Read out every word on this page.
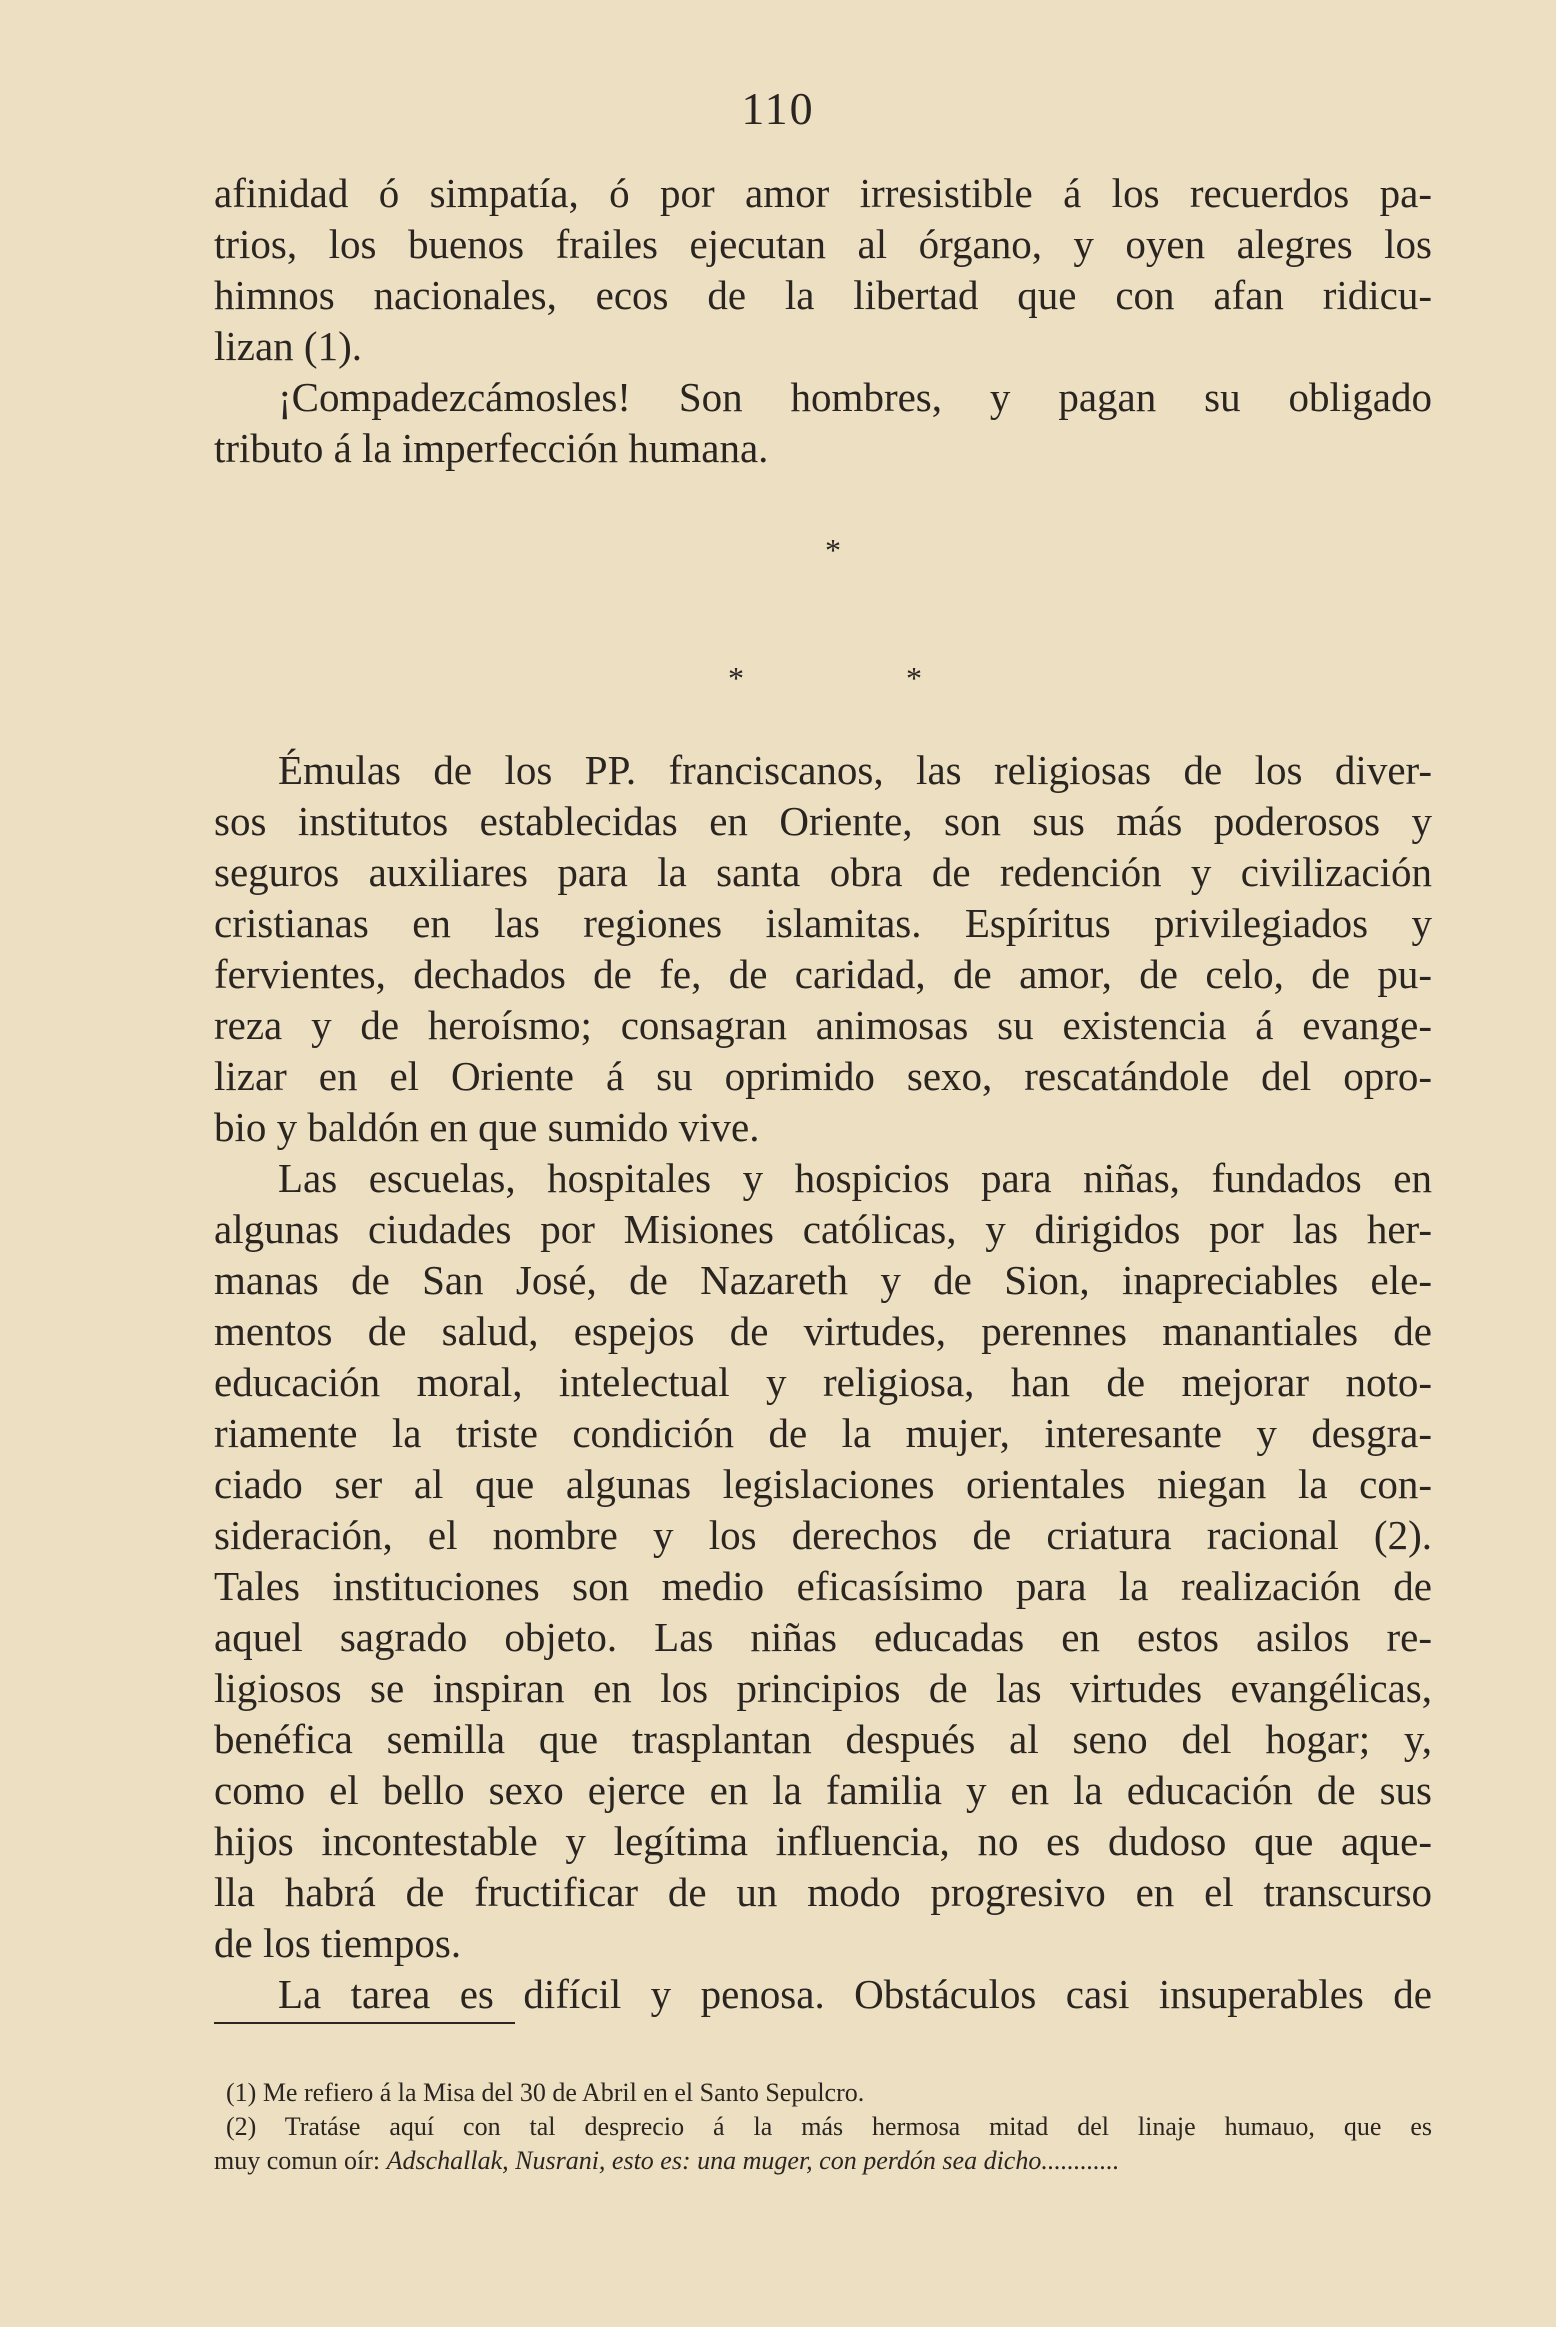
110
afinidad ó simpatía, ó por amor irresistible á los recuerdos pa-
trios, los buenos frailes ejecutan al órgano, y oyen alegres los
himnos nacionales, ecos de la libertad que con afan ridicu-
lizan (1).
¡Compadezcámosles! Son hombres, y pagan su obligado
tributo á la imperfección humana.
*
*	*
Émulas de los PP. franciscanos, las religiosas de los diver-
sos institutos establecidas en Oriente, son sus más poderosos y
seguros auxiliares para la santa obra de redención y civilización
cristianas en las regiones islamitas. Espíritus privilegiados y
fervientes, dechados de fe, de caridad, de amor, de celo, de pu-
reza y de heroísmo; consagran animosas su existencia á evange-
lizar en el Oriente á su oprimido sexo, rescatándole del opro-
bio y baldón en que sumido vive.
Las escuelas, hospitales y hospicios para niñas, fundados en
algunas ciudades por Misiones católicas, y dirigidos por las her-
manas de San José, de Nazareth y de Sion, inapreciables ele-
mentos de salud, espejos de virtudes, perennes manantiales de
educación moral, intelectual y religiosa, han de mejorar noto-
riamente la triste condición de la mujer, interesante y desgra-
ciado ser al que algunas legislaciones orientales niegan la con-
sideración, el nombre y los derechos de criatura racional (2).
Tales instituciones son medio eficasísimo para la realización de
aquel sagrado objeto. Las niñas educadas en estos asilos re-
ligiosos se inspiran en los principios de las virtudes evangélicas,
benéfica semilla que trasplantan después al seno del hogar; y,
como el bello sexo ejerce en la familia y en la educación de sus
hijos incontestable y legítima influencia, no es dudoso que aque-
lla habrá de fructificar de un modo progresivo en el transcurso
de los tiempos.
La tarea es difícil y penosa. Obstáculos casi insuperables de
(1) Me refiero á la Misa del 30 de Abril en el Santo Sepulcro.
(2) Tratáse aquí con tal desprecio á la más hermosa mitad del linaje humauo, que es
muy comun oír: Adschallak, Nusrani, esto es: una muger, con perdón sea dicho............
